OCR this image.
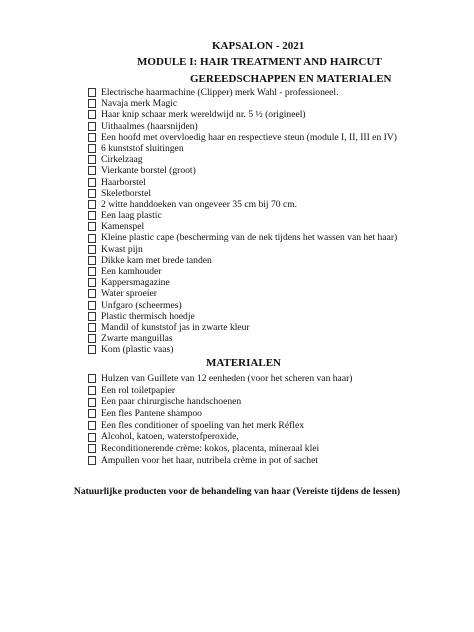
KAPSALON - 2021
MODULE I: HAIR TREATMENT AND HAIRCUT
GEREEDSCHAPPEN EN MATERIALEN
Electrische haarmachine (Clipper) merk Wahl - professioneel.
Navaja merk Magic
Haar knip schaar merk wereldwijd nr. 5 ½ (origineel)
Uithaalmes (haarsnijden)
Een hoofd met overvloedig haar en respectieve steun (module I, II, III en IV)
6 kunststof sluitingen
Cirkelzaag
Vierkante borstel (groot)
Haarborstel
Skeletborstel
2 witte handdoeken van ongeveer 35 cm bij 70 cm.
Een laag plastic
Kamenspel
Kleine plastic cape (bescherming van de nek tijdens het wassen van het haar)
Kwast pijn
Dikke kam met brede tanden
Een kamhouder
Kappersmagazine
Water sproeier
Unfgaro (scheermes)
Plastic thermisch hoedje
Mandil of kunststof jas in zwarte kleur
Zwarte manguillas
Kom (plastic vaas)
MATERIALEN
Hulzen van Guillete van 12 eenheden (voor het scheren van haar)
Een rol toiletpapier
Een paar chirurgische handschoenen
Een fles Pantene shampoo
Een fles conditioner of spoeling van het merk Réflex
Alcohol, katoen, waterstofperoxide,
Reconditionerende crème: kokos, placenta, mineraal klei
Ampullen voor het haar, nutribela crème in pot of sachet
Natuurlijke producten voor de behandeling van haar (Vereiste tijdens de lessen)
